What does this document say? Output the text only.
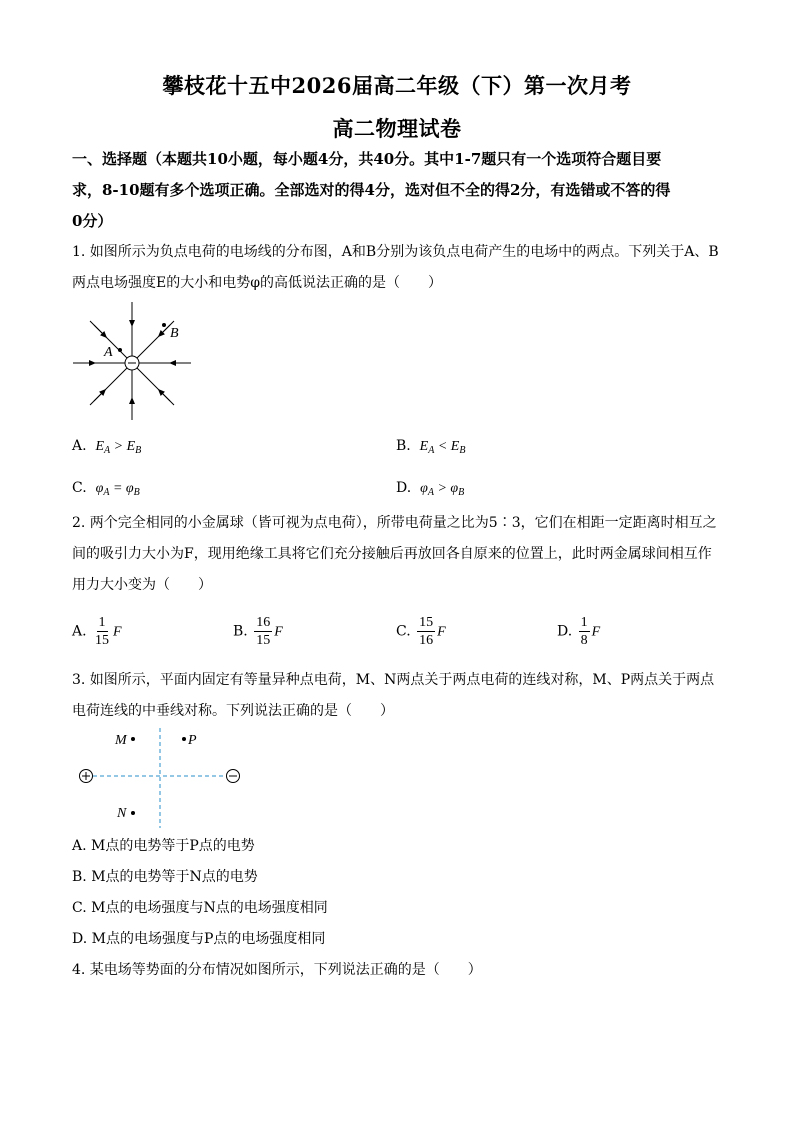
攀枝花十五中2026届高二年级（下）第一次月考
高二物理试卷
一、选择题（本题共10小题，每小题4分，共40分。其中1-7题只有一个选项符合题目要
求，8-10题有多个选项正确。全部选对的得4分，选对但不全的得2分，有选错或不答的得
0分）
1. 如图所示为负点电荷的电场线的分布图，A和B分别为该负点电荷产生的电场中的两点。下列关于A、B
两点电场强度E的大小和电势φ的高低说法正确的是（　　）
A
B
A. $E_A > E_B$	B. $E_A < E_B$
C. $\varphi_A = \varphi_B$	D. $\varphi_A > \varphi_B$
2. 两个完全相同的小金属球（皆可视为点电荷），所带电荷量之比为5∶3，它们在相距一定距离时相互之
间的吸引力大小为F，现用绝缘工具将它们充分接触后再放回各自原来的位置上，此时两金属球间相互作
用力大小变为（　　）
A. $\frac{1}{15}$ F	B. $\frac{16}{15}$ F	C. $\frac{15}{16}$ F	D. $\frac{1}{8}$ F
3. 如图所示，平面内固定有等量异种点电荷，M、N两点关于两点电荷的连线对称，M、P两点关于两点
电荷连线的中垂线对称。下列说法正确的是（　　）
M	P
N
A. M点的电势等于P点的电势
B. M点的电势等于N点的电势
C. M点的电场强度与N点的电场强度相同
D. M点的电场强度与P点的电场强度相同
4. 某电场等势面的分布情况如图所示，下列说法正确的是（　　）
